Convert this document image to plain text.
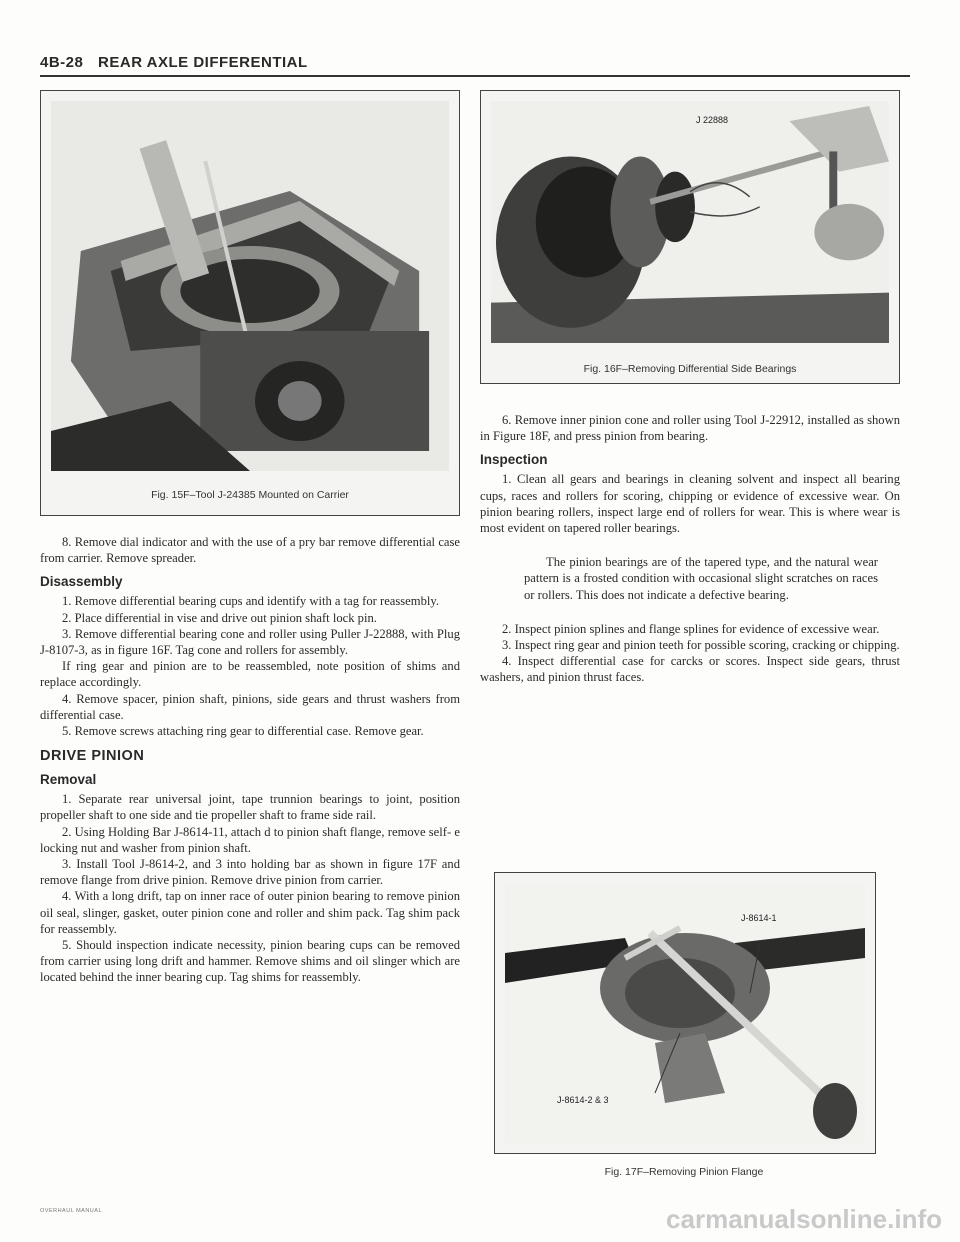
4B-28 REAR AXLE DIFFERENTIAL
Fig. 15F–Tool J-24385 Mounted on Carrier

8. Remove dial indicator and with the use of a pry bar remove differential case from carrier. Remove spreader.

Disassembly

1. Remove differential bearing cups and identify with a tag for reassembly.

2. Place differential in vise and drive out pinion shaft lock pin.

3. Remove differential bearing cone and roller using Puller J-22888, with Plug J-8107-3, as in figure 16F. Tag cone and rollers for assembly.

If ring gear and pinion are to be reassembled, note position of shims and replace accordingly.

4. Remove spacer, pinion shaft, pinions, side gears and thrust washers from differential case.

5. Remove screws attaching ring gear to differential case. Remove gear.

DRIVE PINION
Removal

1. Separate rear universal joint, tape trunnion bearings to joint, position propeller shaft to one side and tie propeller shaft to frame side rail.

2. Using Holding Bar J-8614-11, attach d to pinion shaft flange, remove self- e locking nut and washer from pinion shaft.

3. Install Tool J-8614-2, and 3 into holding bar as shown in figure 17F and remove flange from drive pinion. Remove drive pinion from carrier.

4. With a long drift, tap on inner race of outer pinion bearing to remove pinion oil seal, slinger, gasket, outer pinion cone and roller and shim pack. Tag shim pack for reassembly.

5. Should inspection indicate necessity, pinion bearing cups can be removed from carrier using long drift and hammer. Remove shims and oil slinger which are located behind the inner bearing cup. Tag shims for reassembly.

J 22888
Fig. 16F–Removing Differential Side Bearings

6. Remove inner pinion cone and roller using Tool J-22912, installed as shown in Figure 18F, and press pinion from bearing.

Inspection

1. Clean all gears and bearings in cleaning solvent and inspect all bearing cups, races and rollers for scoring, chipping or evidence of excessive wear. On pinion bearing rollers, inspect large end of rollers for wear. This is where wear is most evident on tapered roller bearings.

The pinion bearings are of the tapered type, and the natural wear pattern is a frosted condition with occasional slight scratches on races or rollers. This does not indicate a defective bearing.

2. Inspect pinion splines and flange splines for evidence of excessive wear.

3. Inspect ring gear and pinion teeth for possible scoring, cracking or chipping.

4. Inspect differential case for carcks or scores. Inspect side gears, thrust washers, and pinion thrust faces.

J-8614-1
J-8614-2 & 3
Fig. 17F–Removing Pinion Flange
OVERHAUL MANUAL	carmanualsonline.info
